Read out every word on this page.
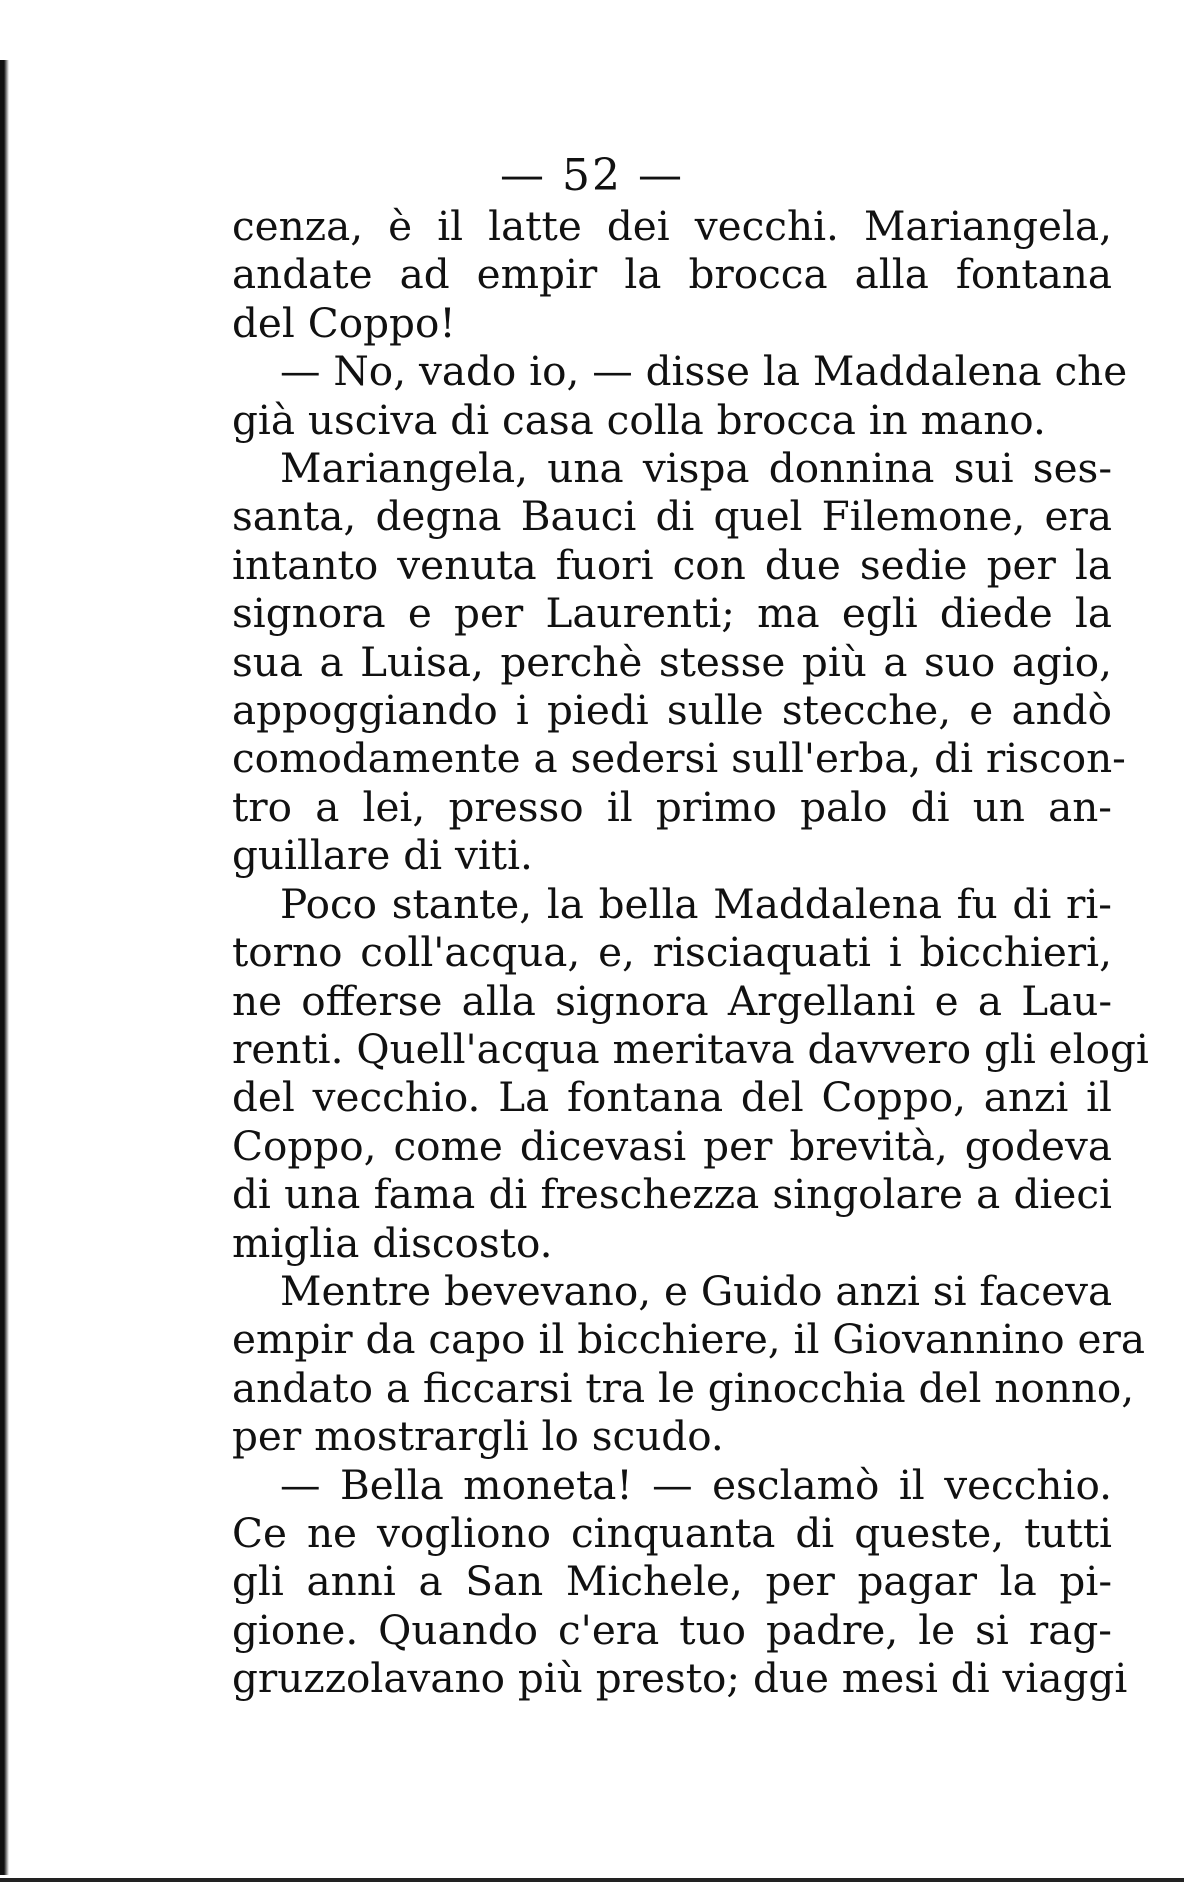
— 52 —
cenza, è il latte dei vecchi. Mariangela,
andate ad empir la brocca alla fontana
del Coppo!
— No, vado io, — disse la Maddalena che
già usciva di casa colla brocca in mano.
Mariangela, una vispa donnina sui ses-
santa, degna Bauci di quel Filemone, era
intanto venuta fuori con due sedie per la
signora e per Laurenti; ma egli diede la
sua a Luisa, perchè stesse più a suo agio,
appoggiando i piedi sulle stecche, e andò
comodamente a sedersi sull'erba, di riscon-
tro a lei, presso il primo palo di un an-
guillare di viti.
Poco stante, la bella Maddalena fu di ri-
torno coll'acqua, e, risciaquati i bicchieri,
ne offerse alla signora Argellani e a Lau-
renti. Quell'acqua meritava davvero gli elogi
del vecchio. La fontana del Coppo, anzi il
Coppo, come dicevasi per brevità, godeva
di una fama di freschezza singolare a dieci
miglia discosto.
Mentre bevevano, e Guido anzi si faceva
empir da capo il bicchiere, il Giovannino era
andato a ficcarsi tra le ginocchia del nonno,
per mostrargli lo scudo.
— Bella moneta! — esclamò il vecchio.
Ce ne vogliono cinquanta di queste, tutti
gli anni a San Michele, per pagar la pi-
gione. Quando c'era tuo padre, le si rag-
gruzzolavano più presto; due mesi di viaggi
